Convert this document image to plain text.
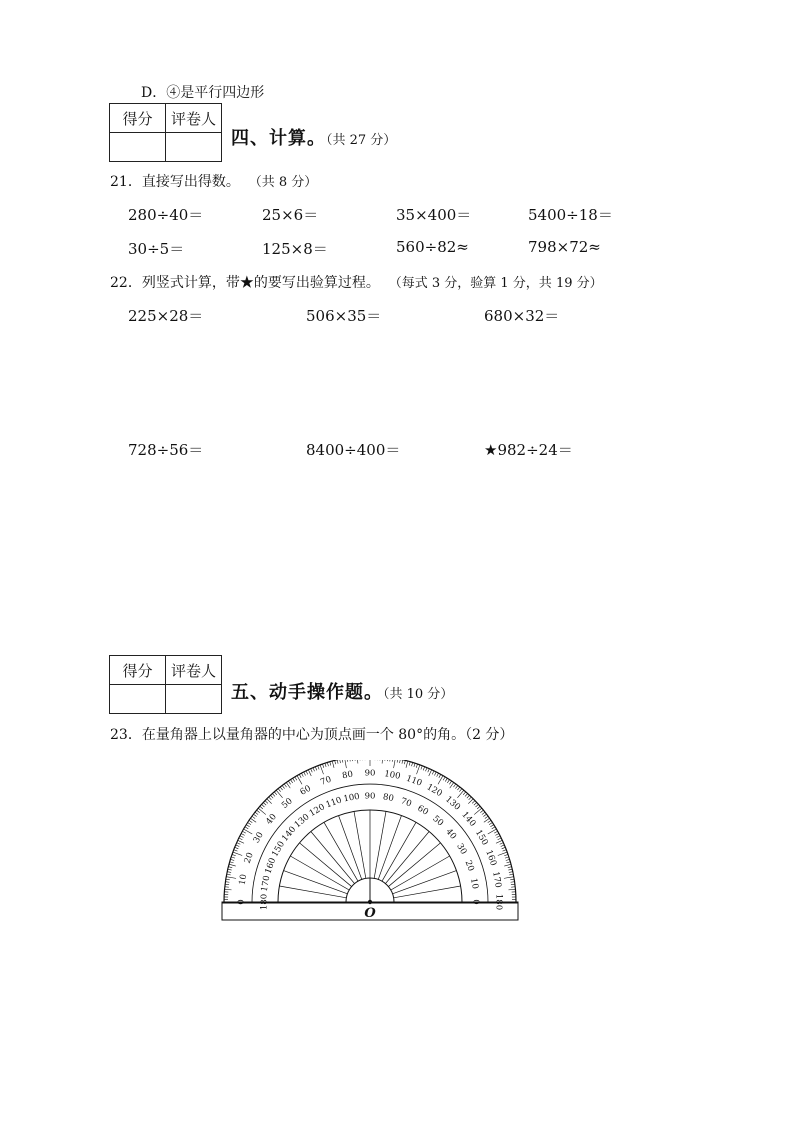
D．④是平行四边形
得分	评卷人

四、计算。（共 27 分）
21．直接写出得数。 （共 8 分）
280÷40＝	25×6＝	35×400＝	5400÷18＝
30÷5＝	125×8＝	560÷82≈	798×72≈
22．列竖式计算，带★的要写出验算过程。 （每式 3 分，验算 1 分，共 19 分）
225×28＝	506×35＝	680×32＝
728÷56＝	8400÷400＝	★982÷24＝
得分	评卷人

五、动手操作题。（共 10 分）
23．在量角器上以量角器的中心为顶点画一个 80°的角。（2 分）
0	0
10	10
20
20
30
30
40
40
50
50
60
60
70
70
80
80
90
90
100
100
110
110
120
120	130
130	140
140	150
150	160
160
170
170
180
180
O
